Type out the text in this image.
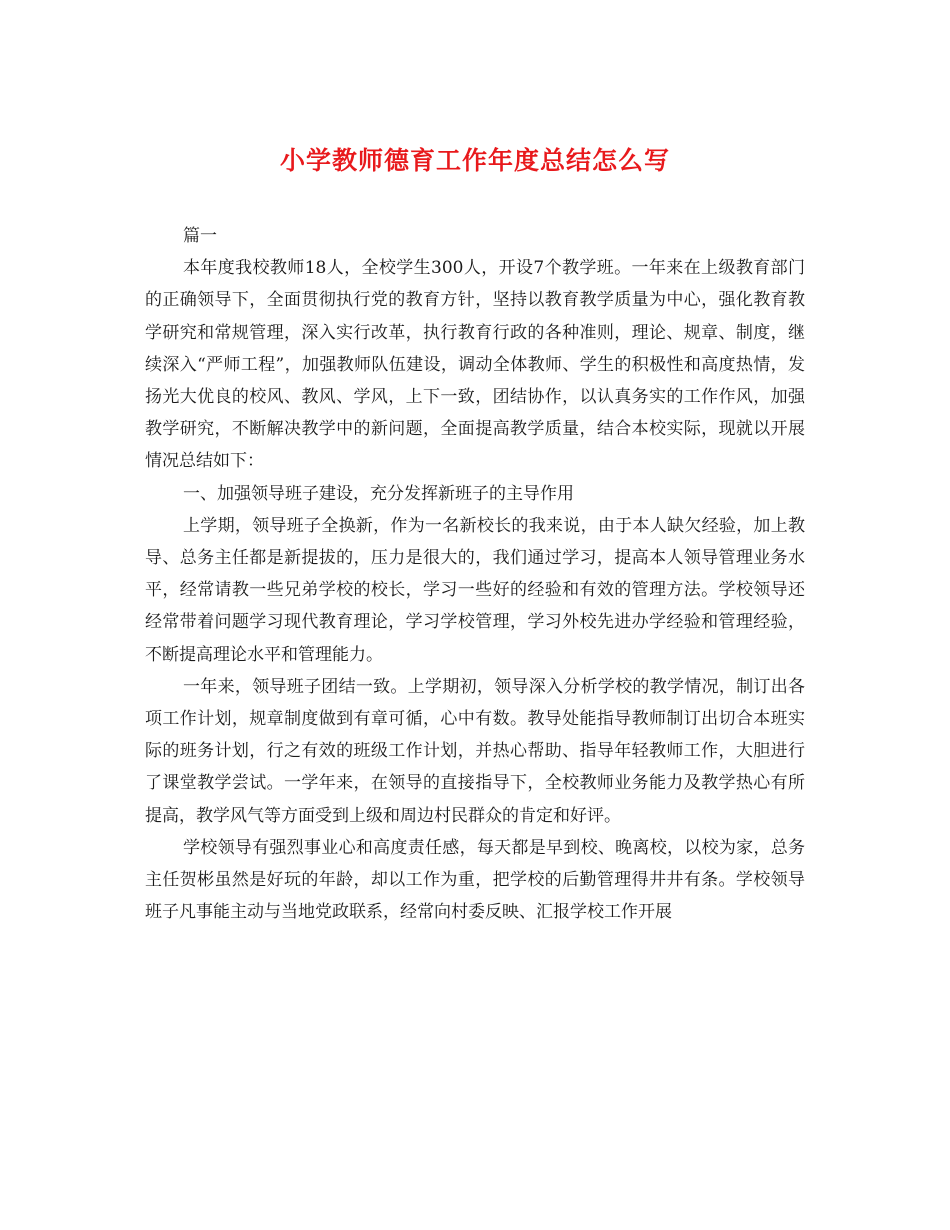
小学教师德育工作年度总结怎么写

篇一

本年度我校教师18人，全校学生300人，开设7个教学班。一年来在上级教育部门的正确领导下，全面贯彻执行党的教育方针，坚持以教育教学质量为中心，强化教育教学研究和常规管理，深入实行改革，执行教育行政的各种准则，理论、规章、制度，继续深入“严师工程”，加强教师队伍建设，调动全体教师、学生的积极性和高度热情，发扬光大优良的校风、教风、学风，上下一致，团结协作，以认真务实的工作作风，加强教学研究，不断解决教学中的新问题，全面提高教学质量，结合本校实际，现就以开展情况总结如下：

一、加强领导班子建设，充分发挥新班子的主导作用

上学期，领导班子全换新，作为一名新校长的我来说，由于本人缺欠经验，加上教导、总务主任都是新提拔的，压力是很大的，我们通过学习，提高本人领导管理业务水平，经常请教一些兄弟学校的校长，学习一些好的经验和有效的管理方法。学校领导还经常带着问题学习现代教育理论，学习学校管理，学习外校先进办学经验和管理经验，不断提高理论水平和管理能力。

一年来，领导班子团结一致。上学期初，领导深入分析学校的教学情况，制订出各项工作计划，规章制度做到有章可循，心中有数。教导处能指导教师制订出切合本班实际的班务计划，行之有效的班级工作计划，并热心帮助、指导年轻教师工作，大胆进行了课堂教学尝试。一学年来，在领导的直接指导下，全校教师业务能力及教学热心有所提高，教学风气等方面受到上级和周边村民群众的肯定和好评。

学校领导有强烈事业心和高度责任感，每天都是早到校、晚离校，以校为家，总务主任贺彬虽然是好玩的年龄，却以工作为重，把学校的后勤管理得井井有条。学校领导班子凡事能主动与当地党政联系，经常向村委反映、汇报学校工作开展
